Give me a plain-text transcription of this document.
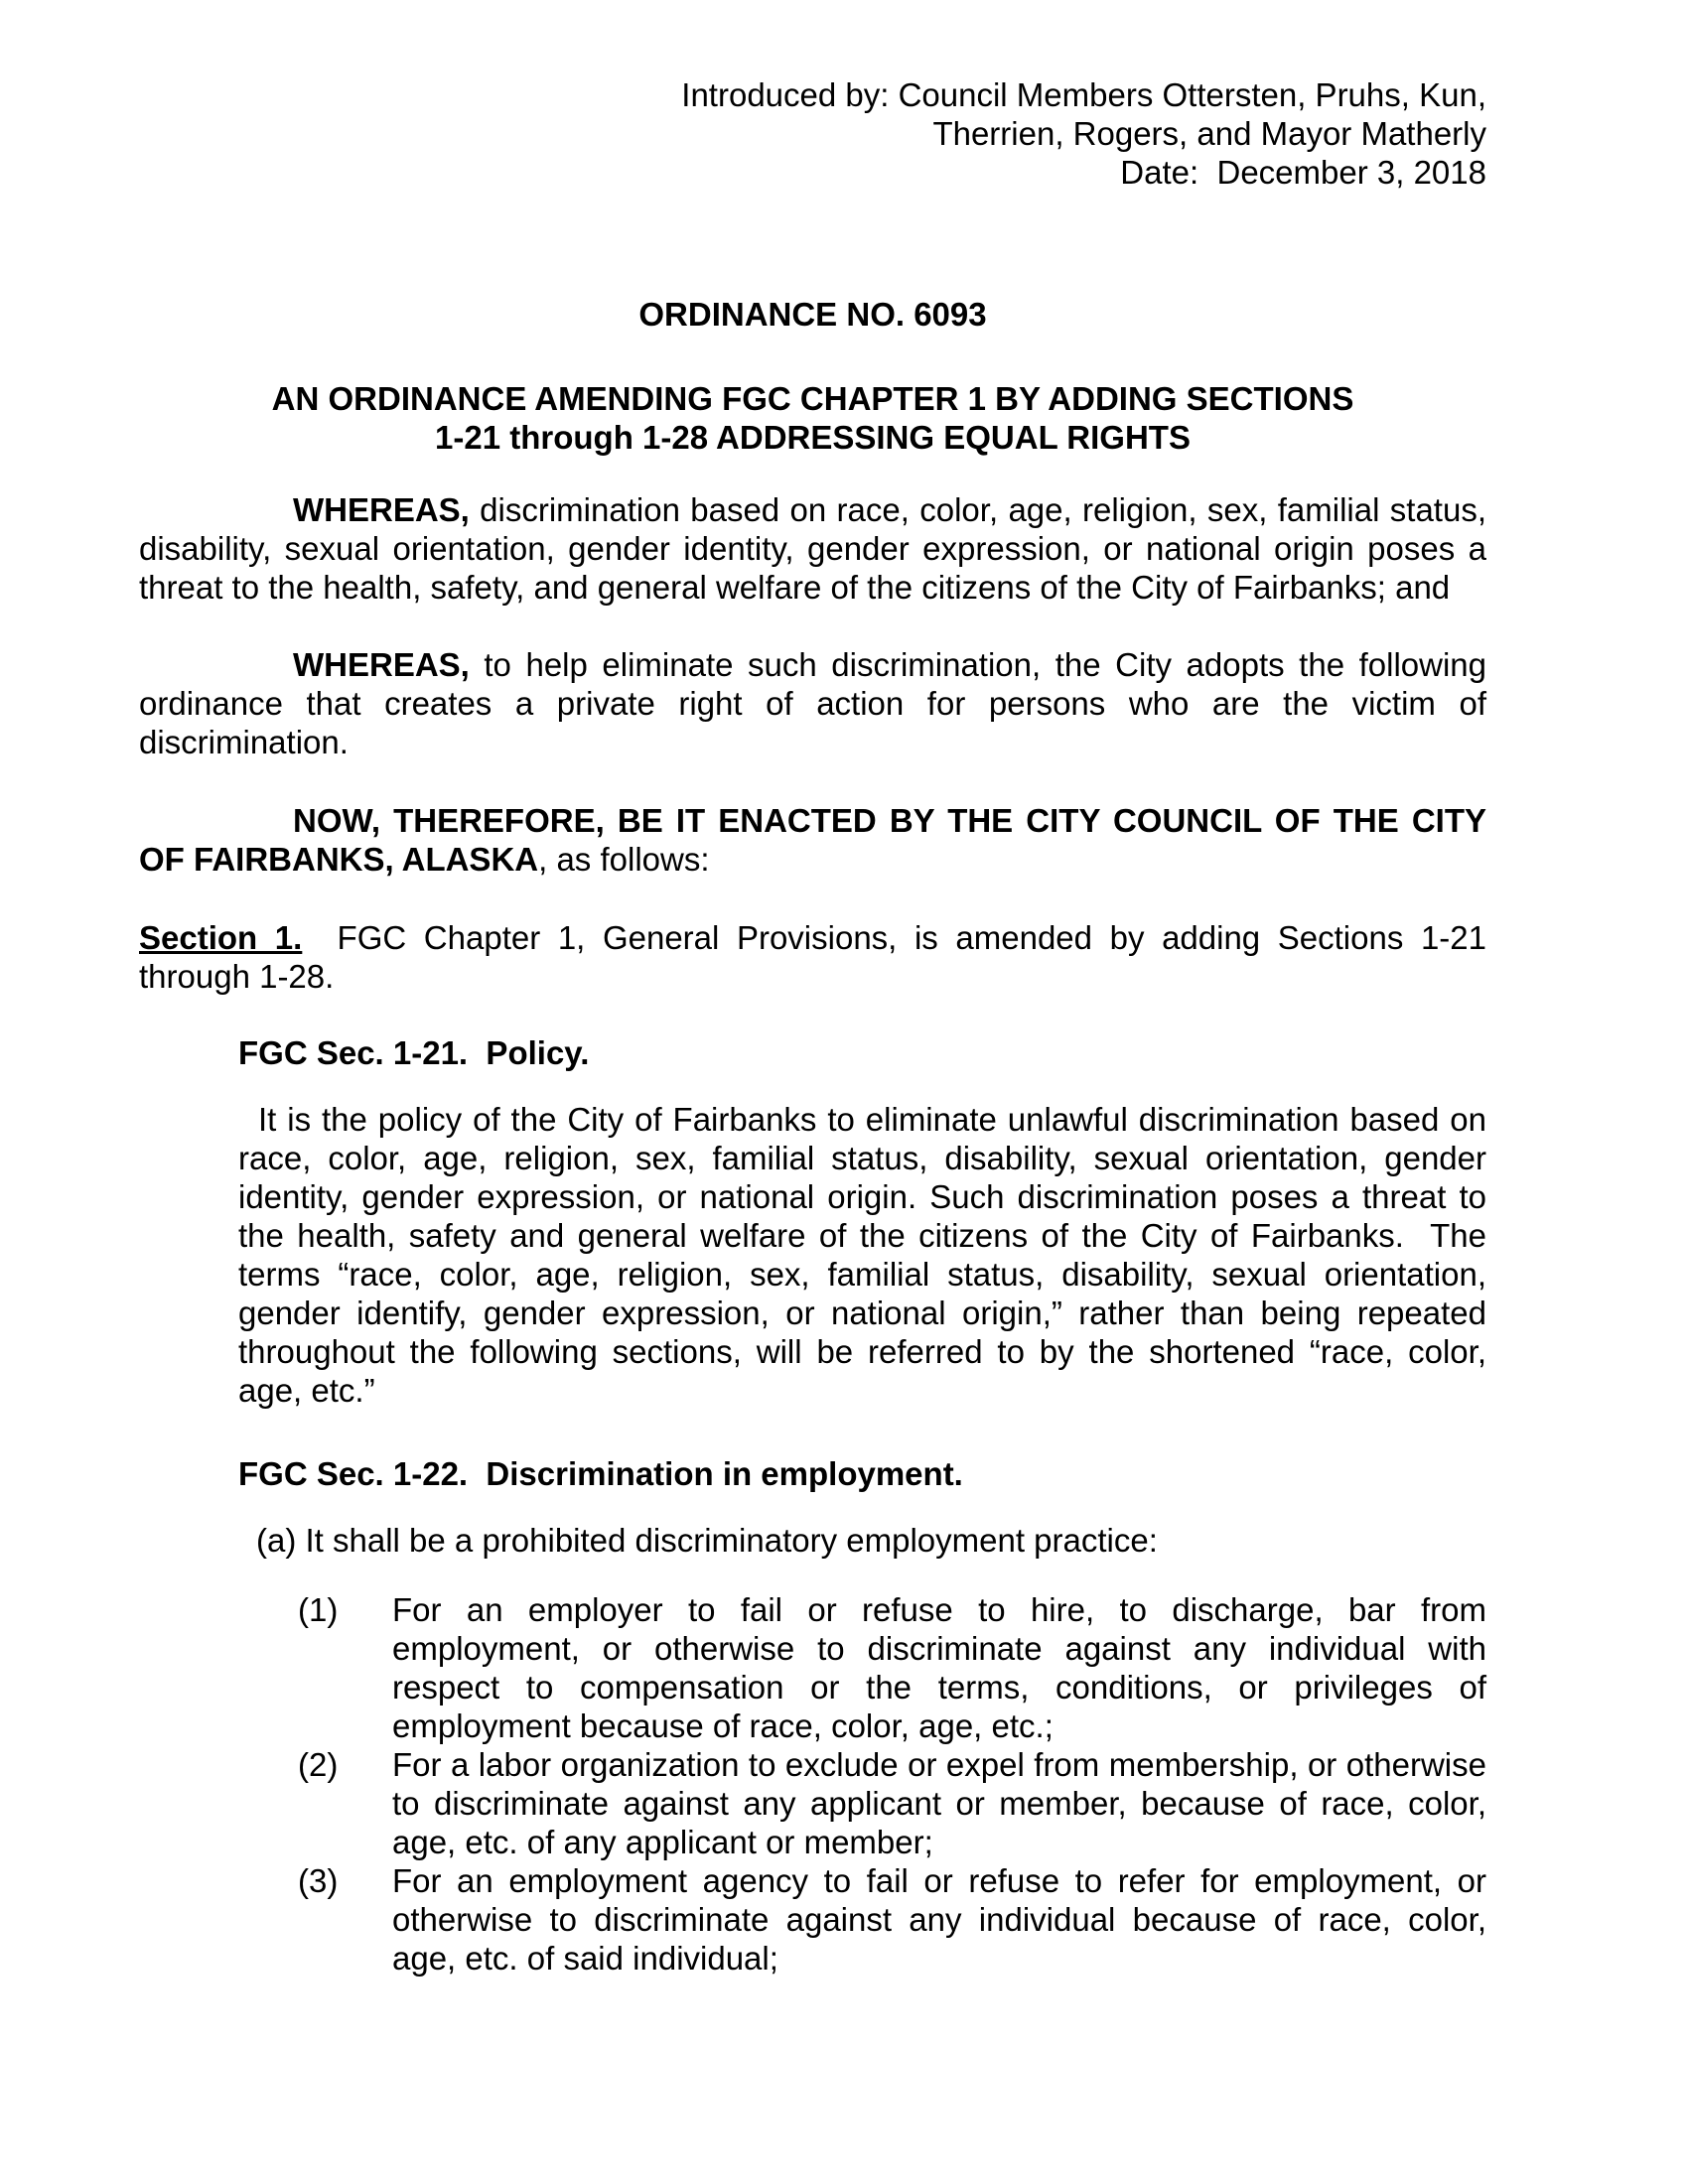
Introduced by: Council Members Ottersten, Pruhs, Kun,
Therrien, Rogers, and Mayor Matherly
Date:  December 3, 2018
ORDINANCE NO. 6093
AN ORDINANCE AMENDING FGC CHAPTER 1 BY ADDING SECTIONS
1-21 through 1-28 ADDRESSING EQUAL RIGHTS
WHEREAS, discrimination based on race, color, age, religion, sex, familial status, disability, sexual orientation, gender identity, gender expression, or national origin poses a threat to the health, safety, and general welfare of the citizens of the City of Fairbanks; and
WHEREAS, to help eliminate such discrimination, the City adopts the following ordinance that creates a private right of action for persons who are the victim of discrimination.
NOW, THEREFORE, BE IT ENACTED BY THE CITY COUNCIL OF THE CITY OF FAIRBANKS, ALASKA, as follows:
Section 1.  FGC Chapter 1, General Provisions, is amended by adding Sections 1-21 through 1-28.
FGC Sec. 1-21.  Policy.
It is the policy of the City of Fairbanks to eliminate unlawful discrimination based on race, color, age, religion, sex, familial status, disability, sexual orientation, gender identity, gender expression, or national origin. Such discrimination poses a threat to the health, safety and general welfare of the citizens of the City of Fairbanks.  The terms “race, color, age, religion, sex, familial status, disability, sexual orientation, gender identify, gender expression, or national origin,” rather than being repeated throughout the following sections, will be referred to by the shortened “race, color, age, etc.”
FGC Sec. 1-22.  Discrimination in employment.
(a) It shall be a prohibited discriminatory employment practice:
(1) For an employer to fail or refuse to hire, to discharge, bar from employment, or otherwise to discriminate against any individual with respect to compensation or the terms, conditions, or privileges of employment because of race, color, age, etc.;
(2) For a labor organization to exclude or expel from membership, or otherwise to discriminate against any applicant or member, because of race, color, age, etc. of any applicant or member;
(3) For an employment agency to fail or refuse to refer for employment, or otherwise to discriminate against any individual because of race, color, age, etc. of said individual;
